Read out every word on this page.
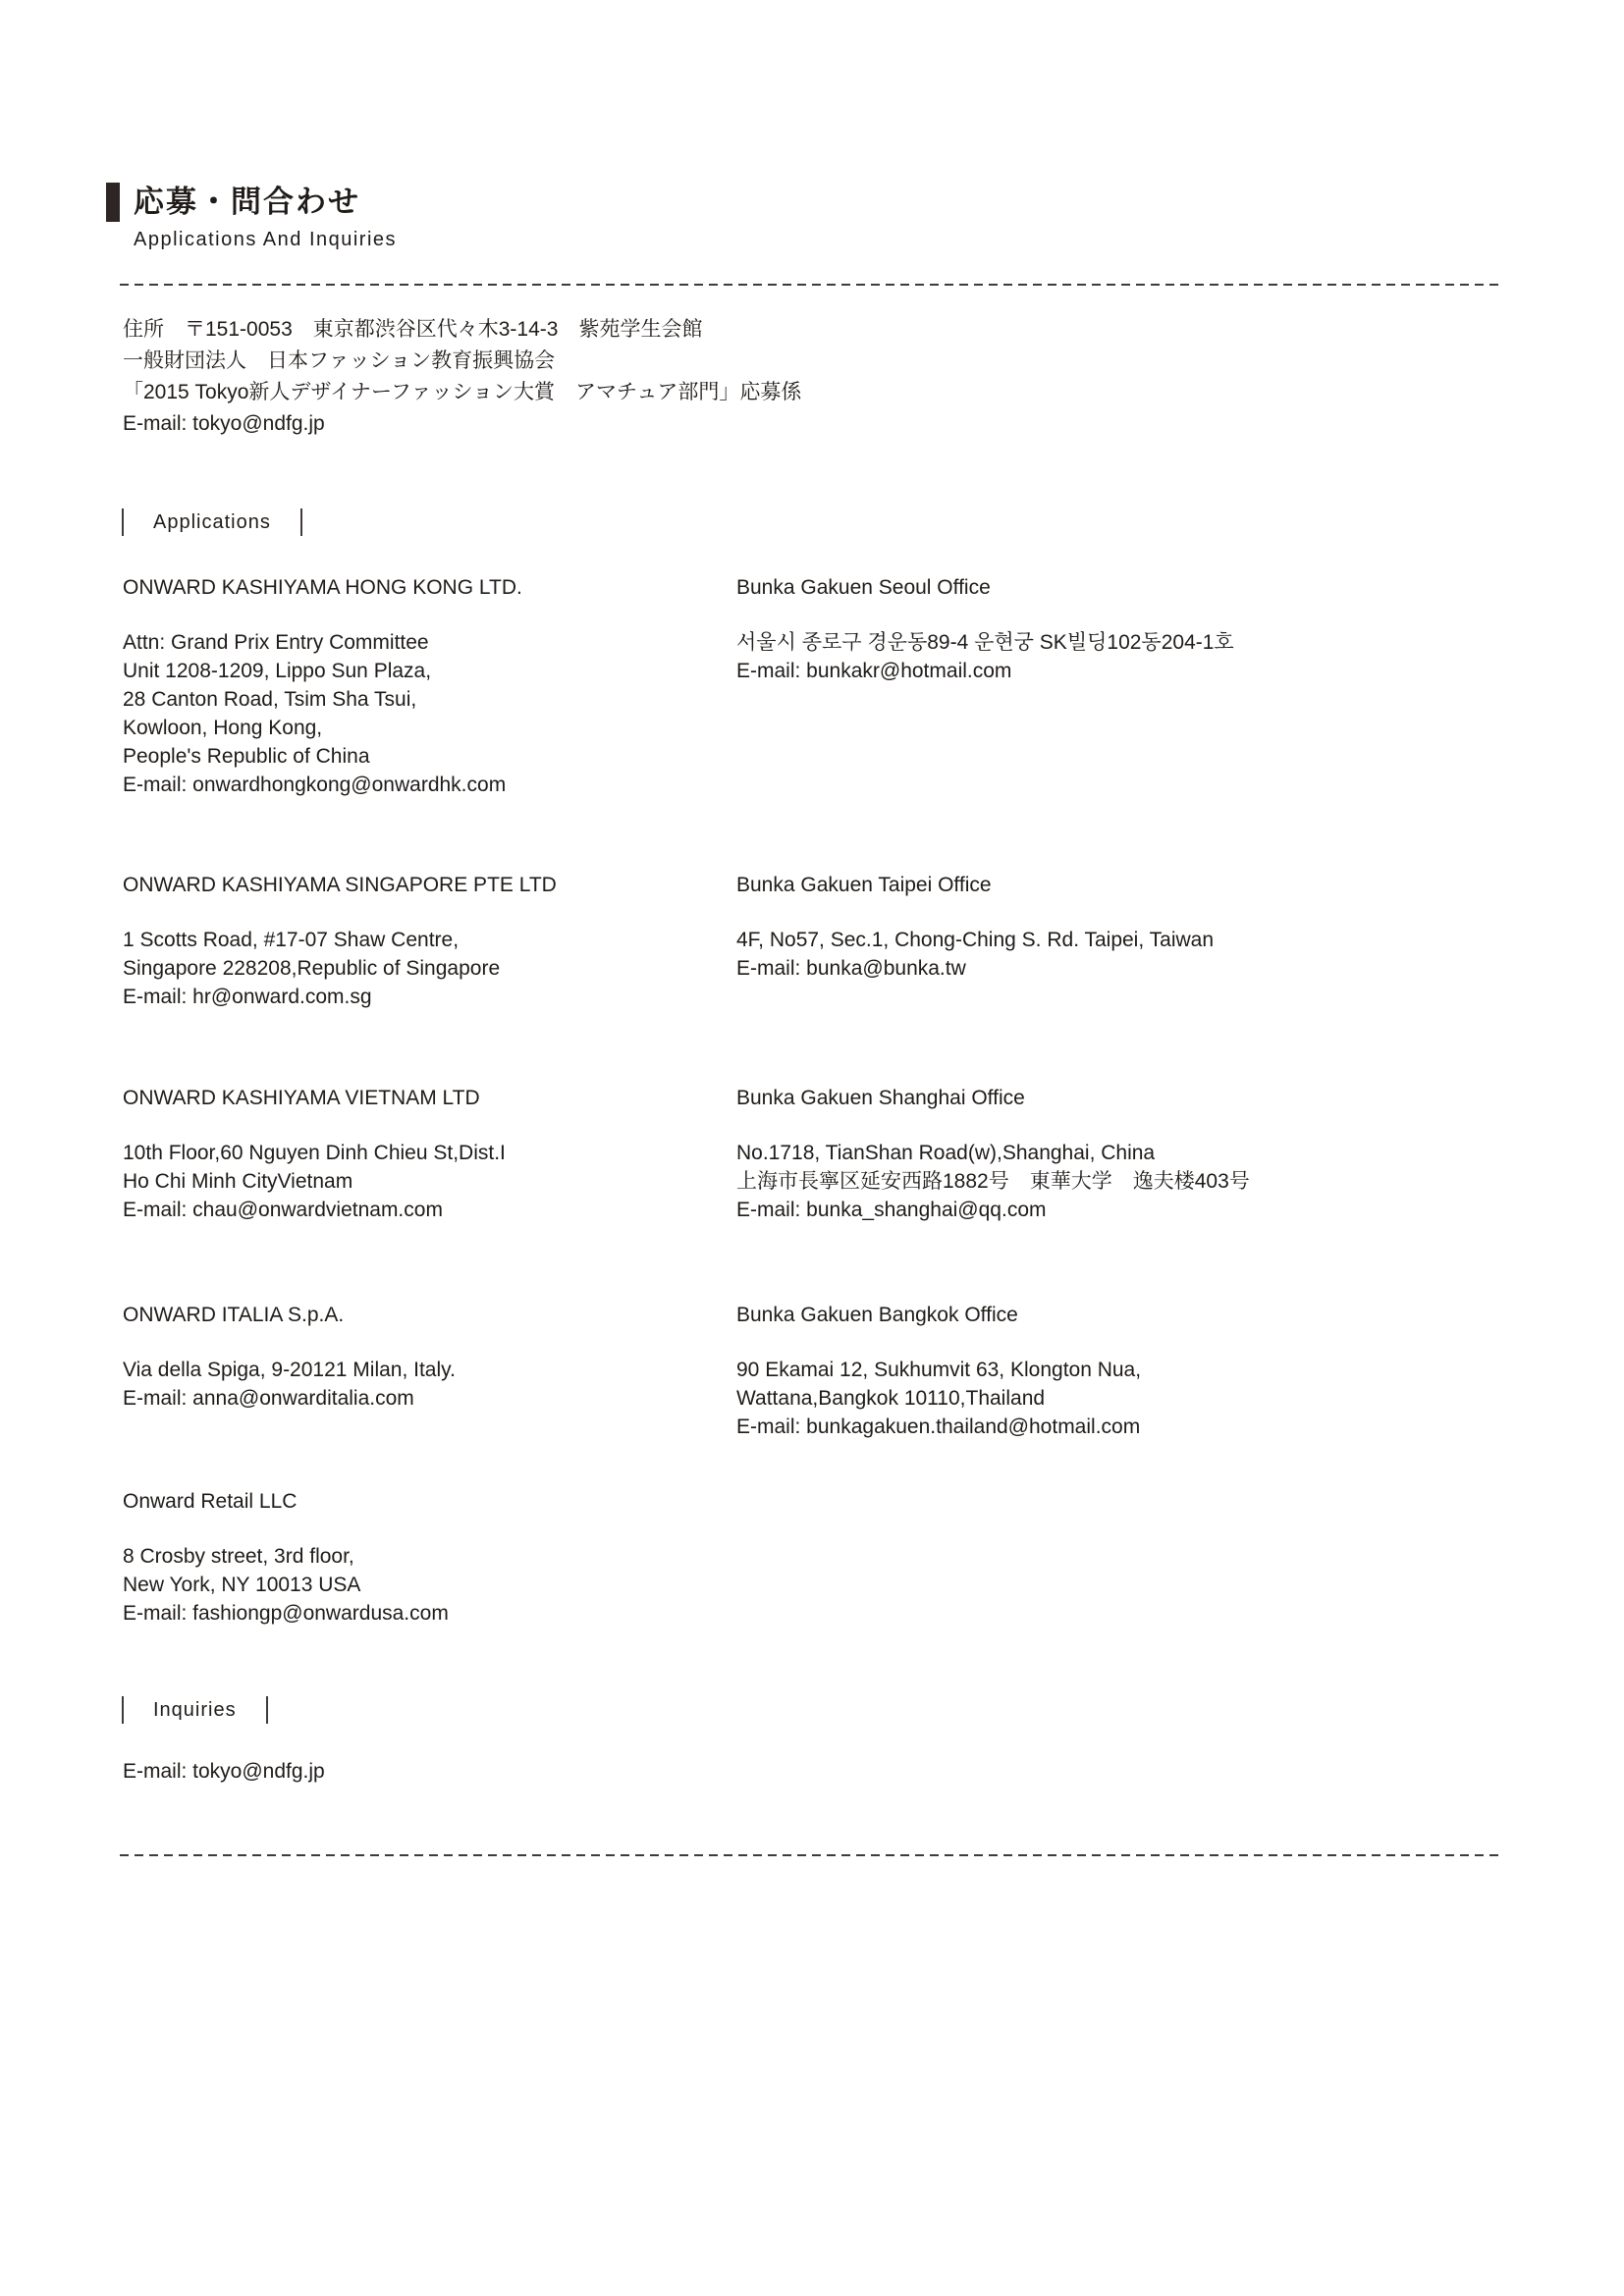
応募・問合わせ
Applications And Inquiries
住所　〒151-0053　東京都渋谷区代々木3-14-3　紫苑学生会館
一般財団法人　日本ファッション教育振興協会
「2015 Tokyo新人デザイナーファッション大賞　アマチュア部門」応募係
E-mail: tokyo@ndfg.jp
Applications
ONWARD KASHIYAMA HONG KONG LTD.
Attn: Grand Prix Entry Committee
Unit 1208-1209, Lippo Sun Plaza,
28 Canton Road, Tsim Sha Tsui,
Kowloon, Hong Kong,
People's Republic of China
E-mail: onwardhongkong@onwardhk.com
ONWARD KASHIYAMA SINGAPORE PTE LTD
1 Scotts Road, #17-07 Shaw Centre,
Singapore 228208,Republic of Singapore
E-mail: hr@onward.com.sg
ONWARD KASHIYAMA VIETNAM LTD
10th Floor,60 Nguyen Dinh Chieu St,Dist.I
Ho Chi Minh CityVietnam
E-mail: chau@onwardvietnam.com
ONWARD ITALIA S.p.A.
Via della Spiga, 9-20121 Milan, Italy.
E-mail: anna@onwarditalia.com
Onward Retail LLC
8 Crosby street, 3rd floor,
New York, NY 10013 USA
E-mail: fashiongp@onwardusa.com
Bunka Gakuen Seoul Office
서울시 종로구 경운동89-4 운현궁 SK빌딩102동204-1호
E-mail: bunkakr@hotmail.com
Bunka Gakuen Taipei Office
4F, No57, Sec.1, Chong-Ching S. Rd. Taipei, Taiwan
E-mail: bunka@bunka.tw
Bunka Gakuen Shanghai Office
No.1718, TianShan Road(w),Shanghai, China
上海市長寧区延安西路1882号　東華大学　逸夫楼403号
E-mail: bunka_shanghai@qq.com
Bunka Gakuen Bangkok Office
90 Ekamai 12, Sukhumvit 63, Klongton Nua,
Wattana,Bangkok 10110,Thailand
E-mail: bunkagakuen.thailand@hotmail.com
Inquiries
E-mail: tokyo@ndfg.jp
